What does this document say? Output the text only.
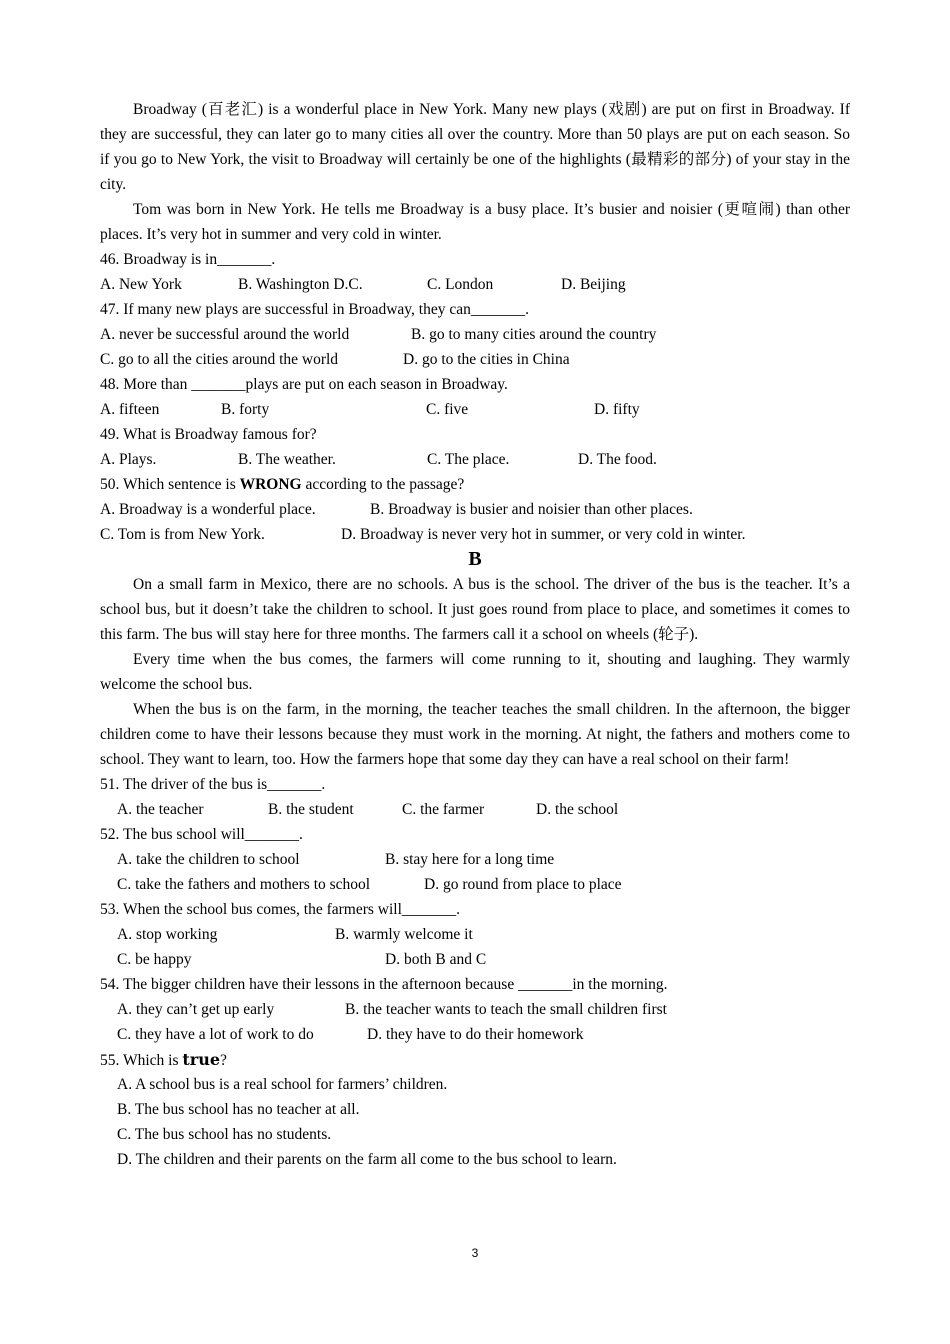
Broadway (百老汇) is a wonderful place in New York. Many new plays (戏剧) are put on first in Broadway. If they are successful, they can later go to many cities all over the country. More than 50 plays are put on each season. So if you go to New York, the visit to Broadway will certainly be one of the highlights (最精彩的部分) of your stay in the city.
Tom was born in New York. He tells me Broadway is a busy place. It’s busier and noisier (更喧闹) than other places. It’s very hot in summer and very cold in winter.
46. Broadway is in_______.
A. New York	B. Washington D.C.	C. London	D. Beijing
47. If many new plays are successful in Broadway, they can_______.
A. never be successful around the world	B. go to many cities around the country
C. go to all the cities around the world	D. go to the cities in China
48. More than _______plays are put on each season in Broadway.
A. fifteen	B. forty	C. five	D. fifty
49. What is Broadway famous for?
A. Plays.	B. The weather.	C. The place.	D. The food.
50. Which sentence is WRONG according to the passage?
A. Broadway is a wonderful place.	B. Broadway is busier and noisier than other places.
C. Tom is from New York.	D. Broadway is never very hot in summer, or very cold in winter.
B
On a small farm in Mexico, there are no schools. A bus is the school. The driver of the bus is the teacher. It’s a school bus, but it doesn’t take the children to school. It just goes round from place to place, and sometimes it comes to this farm. The bus will stay here for three months. The farmers call it a school on wheels (轮子).
Every time when the bus comes, the farmers will come running to it, shouting and laughing. They warmly welcome the school bus.
When the bus is on the farm, in the morning, the teacher teaches the small children. In the afternoon, the bigger children come to have their lessons because they must work in the morning. At night, the fathers and mothers come to school. They want to learn, too. How the farmers hope that some day they can have a real school on their farm!
51. The driver of the bus is_______.
A. the teacher	B. the student	C. the farmer	D. the school
52. The bus school will_______.
A. take the children to school	B. stay here for a long time
C. take the fathers and mothers to school	D. go round from place to place
53. When the school bus comes, the farmers will_______.
A. stop working	B. warmly welcome it
C. be happy	D. both B and C
54. The bigger children have their lessons in the afternoon because _______in the morning.
A. they can’t get up early	B. the teacher wants to teach the small children first
C. they have a lot of work to do	D. they have to do their homework
55. Which is true?
A. A school bus is a real school for farmers’ children.
B. The bus school has no teacher at all.
C. The bus school has no students.
D. The children and their parents on the farm all come to the bus school to learn.
3
